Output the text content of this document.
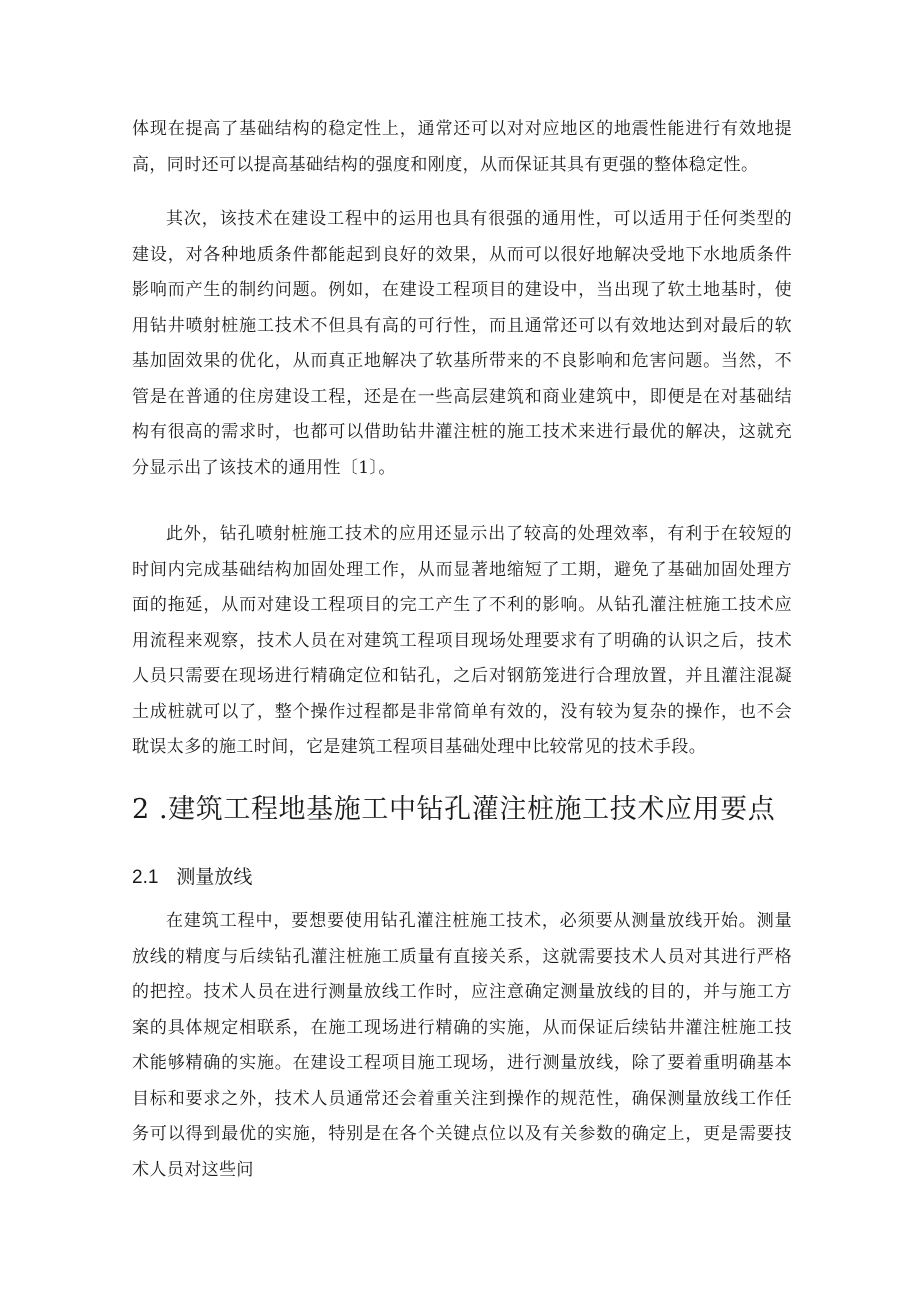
体现在提高了基础结构的稳定性上，通常还可以对对应地区的地震性能进行有效地提高，同时还可以提高基础结构的强度和刚度，从而保证其具有更强的整体稳定性。

其次，该技术在建设工程中的运用也具有很强的通用性，可以适用于任何类型的建设，对各种地质条件都能起到良好的效果，从而可以很好地解决受地下水地质条件影响而产生的制约问题。例如，在建设工程项目的建设中，当出现了软土地基时，使用钻井喷射桩施工技术不但具有高的可行性，而且通常还可以有效地达到对最后的软基加固效果的优化，从而真正地解决了软基所带来的不良影响和危害问题。当然，不管是在普通的住房建设工程，还是在一些高层建筑和商业建筑中，即便是在对基础结构有很高的需求时，也都可以借助钻井灌注桩的施工技术来进行最优的解决，这就充分显示出了该技术的通用性〔1〕。

此外，钻孔喷射桩施工技术的应用还显示出了较高的处理效率，有利于在较短的时间内完成基础结构加固处理工作，从而显著地缩短了工期，避免了基础加固处理方面的拖延，从而对建设工程项目的完工产生了不利的影响。从钻孔灌注桩施工技术应用流程来观察，技术人员在对建筑工程项目现场处理要求有了明确的认识之后，技术人员只需要在现场进行精确定位和钻孔，之后对钢筋笼进行合理放置，并且灌注混凝土成桩就可以了，整个操作过程都是非常简单有效的，没有较为复杂的操作，也不会耽误太多的施工时间，它是建筑工程项目基础处理中比较常见的技术手段。

2 .建筑工程地基施工中钻孔灌注桩施工技术应用要点
2.1 测量放线

在建筑工程中，要想要使用钻孔灌注桩施工技术，必须要从测量放线开始。测量放线的精度与后续钻孔灌注桩施工质量有直接关系，这就需要技术人员对其进行严格的把控。技术人员在进行测量放线工作时，应注意确定测量放线的目的，并与施工方案的具体规定相联系，在施工现场进行精确的实施，从而保证后续钻井灌注桩施工技术能够精确的实施。在建设工程项目施工现场，进行测量放线，除了要着重明确基本目标和要求之外，技术人员通常还会着重关注到操作的规范性，确保测量放线工作任务可以得到最优的实施，特别是在各个关键点位以及有关参数的确定上，更是需要技术人员对这些问
